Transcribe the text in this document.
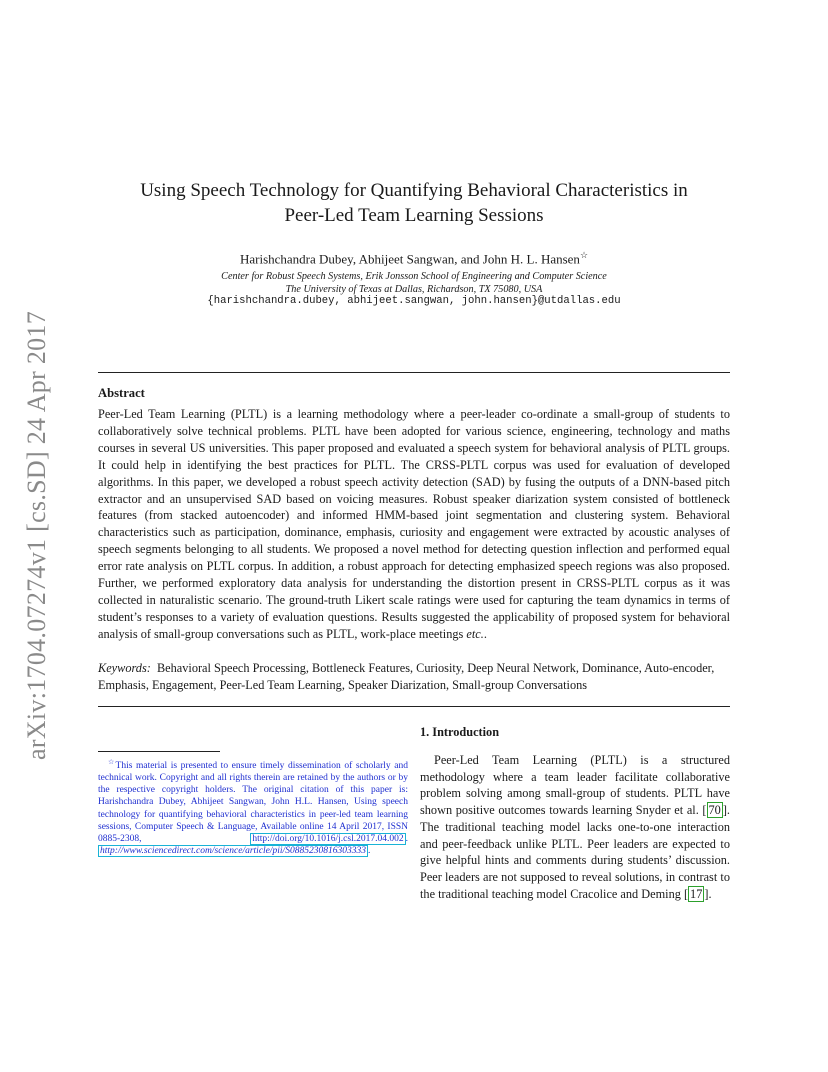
arXiv:1704.07274v1 [cs.SD] 24 Apr 2017
Using Speech Technology for Quantifying Behavioral Characteristics in
Peer-Led Team Learning Sessions
Harishchandra Dubey, Abhijeet Sangwan, and John H. L. Hansen☆
Center for Robust Speech Systems, Erik Jonsson School of Engineering and Computer Science
The University of Texas at Dallas, Richardson, TX 75080, USA
{harishchandra.dubey, abhijeet.sangwan, john.hansen}@utdallas.edu
Abstract

Peer-Led Team Learning (PLTL) is a learning methodology where a peer-leader co-ordinate a small-group of students to collaboratively solve technical problems. PLTL have been adopted for various science, engineering, technology and maths courses in several US universities. This paper proposed and evaluated a speech system for behavioral analysis of PLTL groups. It could help in identifying the best practices for PLTL. The CRSS-PLTL corpus was used for evaluation of developed algorithms. In this paper, we developed a robust speech activity detection (SAD) by fusing the outputs of a DNN-based pitch extractor and an unsupervised SAD based on voicing measures. Robust speaker diarization system consisted of bottleneck features (from stacked autoencoder) and informed HMM-based joint segmentation and clustering system. Behavioral characteristics such as participation, dominance, emphasis, curiosity and engagement were extracted by acoustic analyses of speech segments belonging to all students. We proposed a novel method for detecting question inflection and performed equal error rate analysis on PLTL corpus. In addition, a robust approach for detecting emphasized speech regions was also proposed. Further, we performed exploratory data analysis for understanding the distortion present in CRSS-PLTL corpus as it was collected in naturalistic scenario. The ground-truth Likert scale ratings were used for capturing the team dynamics in terms of student’s responses to a variety of evaluation questions. Results suggested the applicability of proposed system for behavioral analysis of small-group conversations such as PLTL, work-place meetings etc..

Keywords: Behavioral Speech Processing, Bottleneck Features, Curiosity, Deep Neural Network, Dominance, Auto-encoder, Emphasis, Engagement, Peer-Led Team Learning, Speaker Diarization, Small-group Conversations

1. Introduction

Peer-Led Team Learning (PLTL) is a structured methodology where a team leader facilitate collaborative problem solving among small-group of students. PLTL have shown positive outcomes towards learning Snyder et al. [ 70 ]. The traditional teaching model lacks one-to-one interaction and peer-feedback unlike PLTL. Peer leaders are expected to give helpful hints and comments during students’ discussion. Peer leaders are not supposed to reveal solutions, in contrast to the traditional teaching model Cracolice and Deming [ 17 ].

☆This material is presented to ensure timely dissemination of scholarly and technical work. Copyright and all rights therein are retained by the authors or by the respective copyright holders. The original citation of this paper is: Harishchandra Dubey, Abhijeet Sangwan, John H.L. Hansen, Using speech technology for quantifying behavioral characteristics in peer-led team learning sessions, Computer Speech & Language, Available online 14 April 2017, ISSN 0885-2308, http://doi.org/10.1016/j.csl.2017.04.002 . http://www.sciencedirect.com/science/article/pii/S0885230816303333 .
